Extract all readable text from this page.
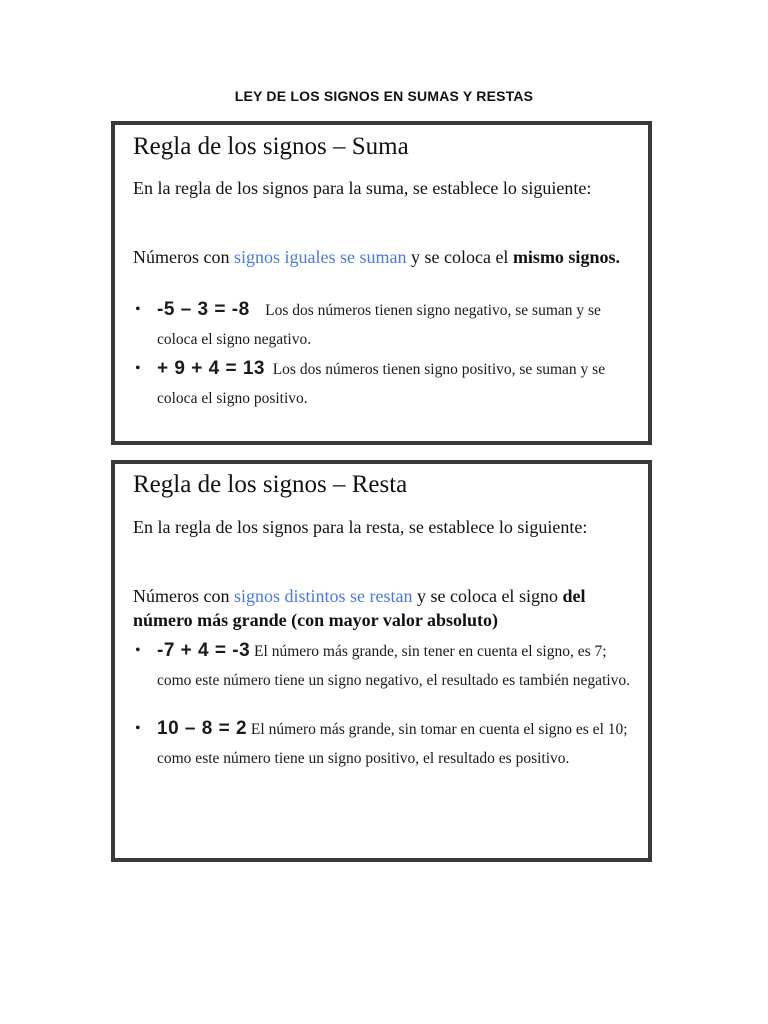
LEY DE LOS SIGNOS EN SUMAS Y RESTAS
Regla de los signos – Suma
En la regla de los signos para la suma, se establece lo siguiente:
Números con signos iguales se suman y se coloca el mismo signos.
• -5 – 3 = -8 Los dos números tienen signo negativo, se suman y se coloca el signo negativo.
• + 9 + 4 = 13 Los dos números tienen signo positivo, se suman y se coloca el signo positivo.
Regla de los signos – Resta
En la regla de los signos para la resta, se establece lo siguiente:
Números con signos distintos se restan y se coloca el signo del número más grande (con mayor valor absoluto)
• -7 + 4 = -3 El número más grande, sin tener en cuenta el signo, es 7; como este número tiene un signo negativo, el resultado es también negativo.
• 10 – 8 = 2 El número más grande, sin tomar en cuenta el signo es el 10; como este número tiene un signo positivo, el resultado es positivo.
